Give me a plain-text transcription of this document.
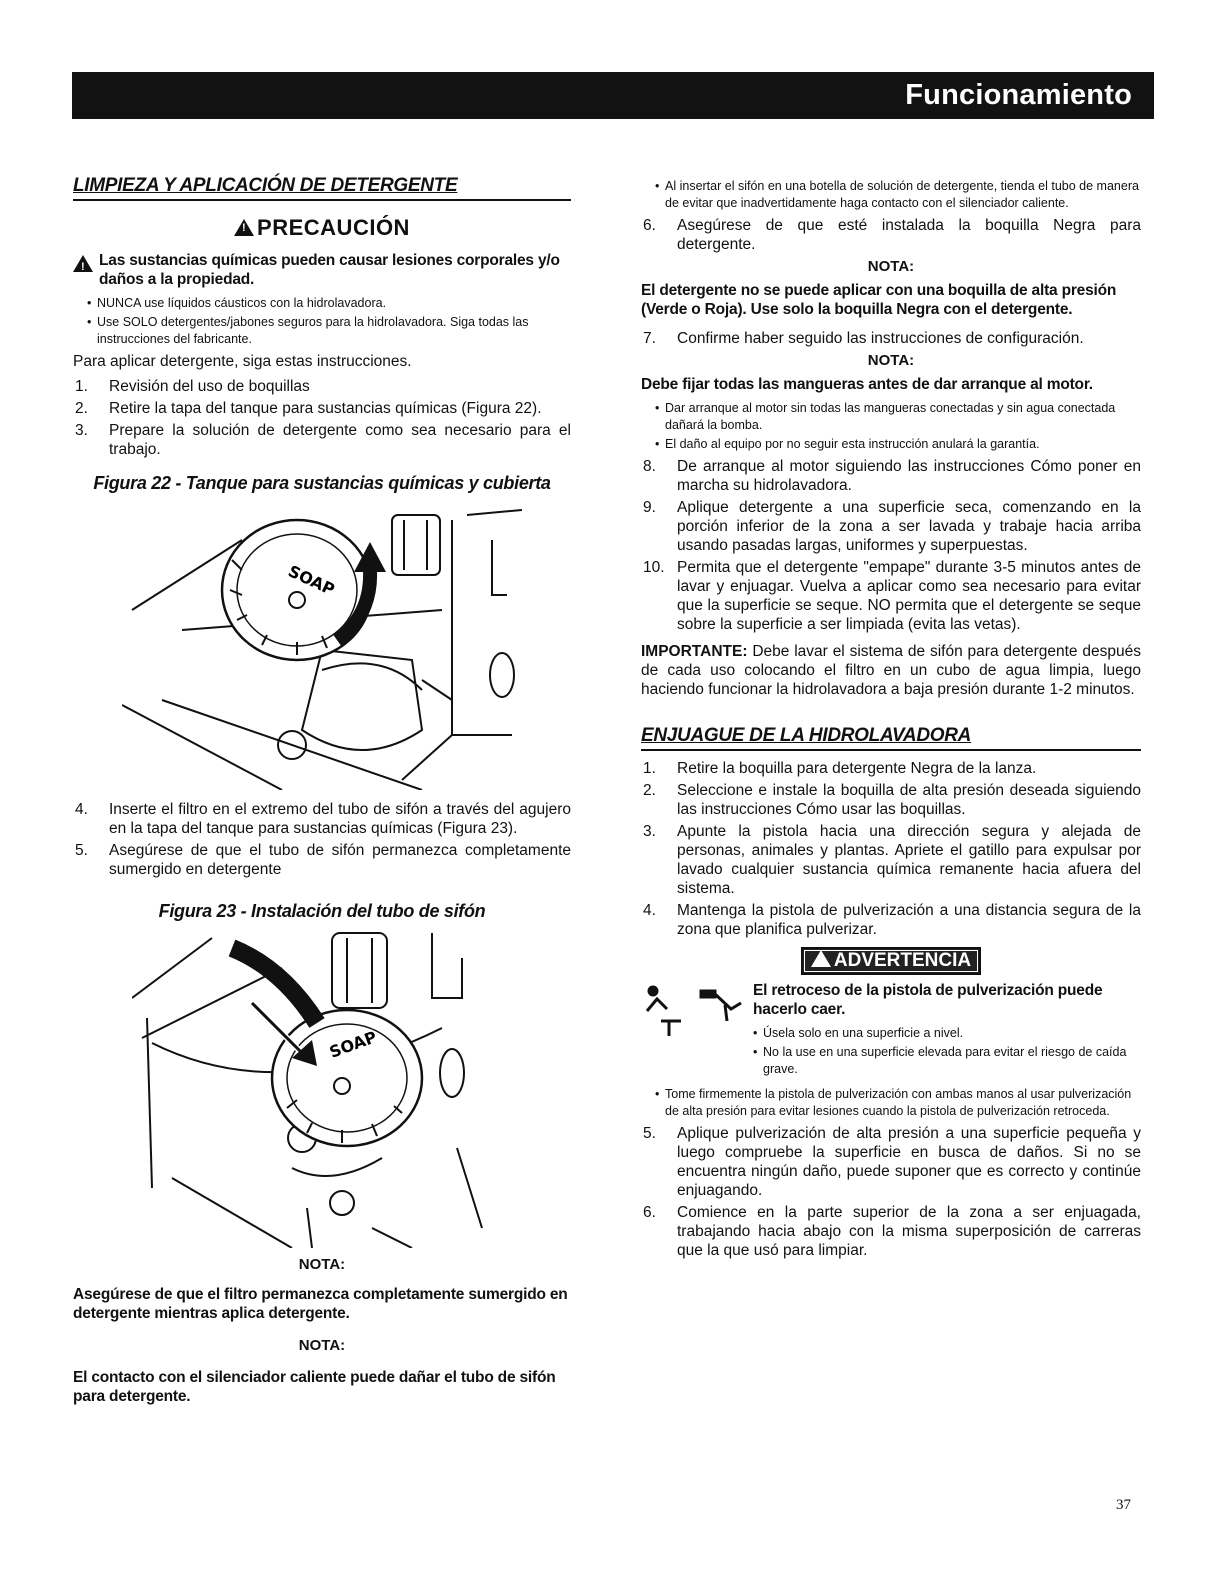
Funcionamiento
LIMPIEZA Y APLICACIÓN DE DETERGENTE
!PRECAUCIÓN
!
Las sustancias químicas pueden causar lesiones corporales y/o daños a la propiedad.
• NUNCA use líquidos cáusticos con la hidrolavadora.
• Use SOLO detergentes/jabones seguros para la hidrolavadora. Siga todas las instrucciones del fabricante.
Para aplicar detergente, siga estas instrucciones.
1.	Revisión del uso de boquillas
2.	Retire la tapa del tanque para sustancias químicas (Figura 22).
3.	Prepare la solución de detergente como sea necesario para el trabajo.
Figura 22 - Tanque para sustancias químicas y cubierta
SOAP
4.	Inserte el filtro en el extremo del tubo de sifón a través del agujero en la tapa del tanque para sustancias químicas (Figura 23).
5.	Asegúrese de que el tubo de sifón permanezca completamente sumergido en detergente
Figura 23 - Instalación del tubo de sifón
SOAP
NOTA:
Asegúrese de que el filtro permanezca completamente sumergido en detergente mientras aplica detergente.
NOTA:
El contacto con el silenciador caliente puede dañar el tubo de sifón para detergente.
• Al insertar el sifón en una botella de solución de detergente, tienda el tubo de manera de evitar que inadvertidamente haga contacto con el silenciador caliente.
6.	Asegúrese de que esté instalada la boquilla Negra para detergente.
NOTA:
El detergente no se puede aplicar con una boquilla de alta presión (Verde o Roja). Use solo la boquilla Negra con el detergente.
7.	Confirme haber seguido las instrucciones de configuración.
NOTA:
Debe fijar todas las mangueras antes de dar arranque al motor.
• Dar arranque al motor sin todas las mangueras conectadas y sin agua conectada dañará la bomba.
• El daño al equipo por no seguir esta instrucción anulará la garantía.
8.	De arranque al motor siguiendo las instrucciones Cómo poner en marcha su hidrolavadora.
9.	Aplique detergente a una superficie seca, comenzando en la porción inferior de la zona a ser lavada y trabaje hacia arriba usando pasadas largas, uniformes y superpuestas.
10. Permita que el detergente "empape" durante 3-5 minutos antes de lavar y enjuagar. Vuelva a aplicar como sea necesario para evitar que la superficie se seque. NO permita que el detergente se seque sobre la superficie a ser limpiada (evita las vetas).
IMPORTANTE: Debe lavar el sistema de sifón para detergente después de cada uso colocando el filtro en un cubo de agua limpia, luego haciendo funcionar la hidrolavadora a baja presión durante 1-2 minutos.
ENJUAGUE DE LA HIDROLAVADORA
1.	Retire la boquilla para detergente Negra de la lanza.
2.	Seleccione e instale la boquilla de alta presión deseada siguiendo las instrucciones Cómo usar las boquillas.
3.	Apunte la pistola hacia una dirección segura y alejada de personas, animales y plantas. Apriete el gatillo para expulsar por lavado cualquier sustancia química remanente hacia afuera del sistema.
4.	Mantenga la pistola de pulverización a una distancia segura de la zona que planifica pulverizar.
!ADVERTENCIA
El retroceso de la pistola de pulverización puede hacerlo caer.
• Úsela solo en una superficie a nivel.
• No la use en una superficie elevada para evitar el riesgo de caída grave.
• Tome firmemente la pistola de pulverización con ambas manos al usar pulverización de alta presión para evitar lesiones cuando la pistola de pulverización retroceda.
5.	Aplique pulverización de alta presión a una superficie pequeña y luego compruebe la superficie en busca de daños. Si no se encuentra ningún daño, puede suponer que es correcto y continúe enjuagando.
6.	Comience en la parte superior de la zona a ser enjuagada, trabajando hacia abajo con la misma superposición de carreras que la que usó para limpiar.
37
